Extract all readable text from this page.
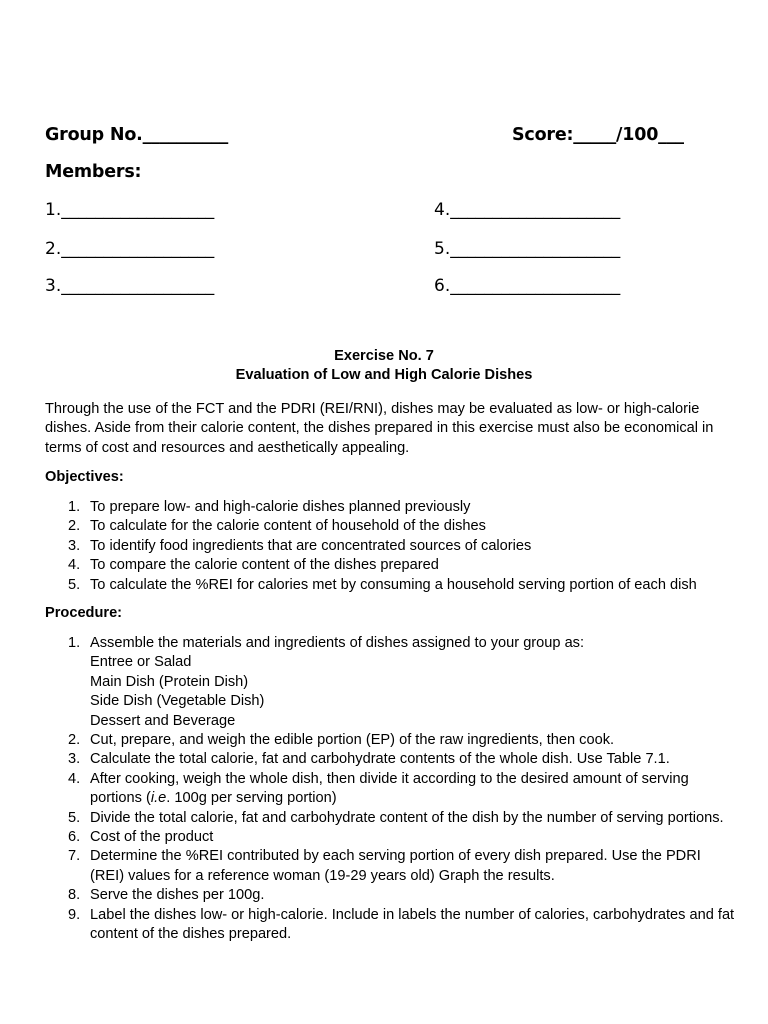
Group No.__________	Score:_____/100___
Members:
1.__________________
2.__________________
3.__________________
4.____________________
5.____________________
6.____________________
Exercise No. 7
Evaluation of Low and High Calorie Dishes
Through the use of the FCT and the PDRI (REI/RNI), dishes may be evaluated as low- or high-calorie dishes. Aside from their calorie content, the dishes prepared in this exercise must also be economical in terms of cost and resources and aesthetically appealing.
Objectives:
1. To prepare low- and high-calorie dishes planned previously
2. To calculate for the calorie content of household of the dishes
3. To identify food ingredients that are concentrated sources of calories
4. To compare the calorie content of the dishes prepared
5. To calculate the %REI for calories met by consuming a household serving portion of each dish
Procedure:
1. Assemble the materials and ingredients of dishes assigned to your group as:
Entree or Salad
Main Dish (Protein Dish)
Side Dish (Vegetable Dish)
Dessert and Beverage
2. Cut, prepare, and weigh the edible portion (EP) of the raw ingredients, then cook.
3. Calculate the total calorie, fat and carbohydrate contents of the whole dish. Use Table 7.1.
4. After cooking, weigh the whole dish, then divide it according to the desired amount of serving portions (i.e. 100g per serving portion)
5. Divide the total calorie, fat and carbohydrate content of the dish by the number of serving portions.
6. Cost of the product
7. Determine the %REI contributed by each serving portion of every dish prepared. Use the PDRI (REI) values for a reference woman (19-29 years old) Graph the results.
8. Serve the dishes per 100g.
9. Label the dishes low- or high-calorie. Include in labels the number of calories, carbohydrates and fat content of the dishes prepared.
